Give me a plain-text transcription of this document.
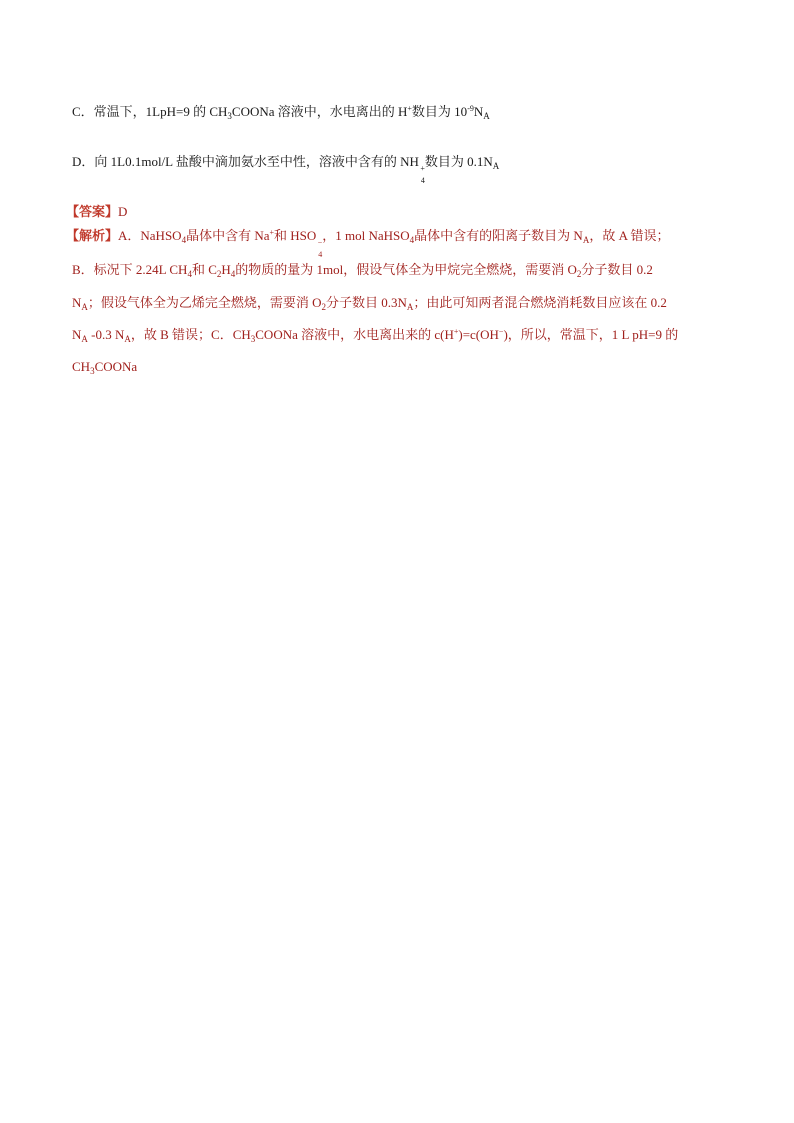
C．常温下，1LpH=9 的 $CH_3COONa$ 溶液中，水电离出的 H+数目为 $10^{-9}N_A$
D．向 1L0.1mol/L 盐酸中滴加氨水至中性，溶液中含有的 NH +
4
数目为 $0.1N_A$
【答案】D
【解析】A．NaHSO$_4$晶体中含有 Na+和 HSO −
4
，1 mol NaHSO$_4$晶体中含有的阳离子数目为 $N_A$，故 A 错误；
B．标况下 2.24L $CH_4$和 $C_2H_4$的物质的量为 1mol，假设气体全为甲烷完全燃烧，需要消 $O_2$分子数目 0.2
$N_A$；假设气体全为乙烯完全燃烧，需要消 $O_2$分子数目 $0.3N_A$；由此可知两者混合燃烧消耗数目应该在 0.2
$N_A$ -0.3 $N_A$，故 B 错误；C．$CH_3COONa$ 溶液中，水电离出来的 c(H+)=c(OH−)，所以，常温下，1 L pH=9 的
$CH_3COONa$
